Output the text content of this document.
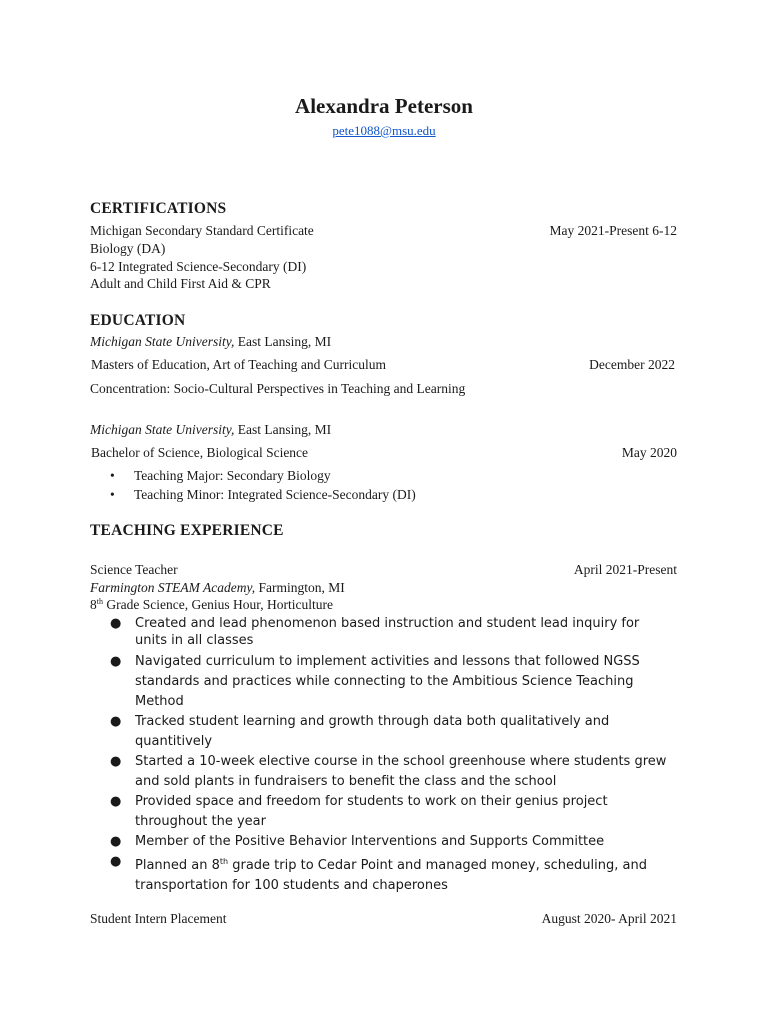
Alexandra Peterson
pete1088@msu.edu
CERTIFICATIONS
Michigan Secondary Standard Certificate	May 2021-Present 6-12
Biology (DA)
6-12 Integrated Science-Secondary (DI)
Adult and Child First Aid & CPR
EDUCATION
Michigan State University, East Lansing, MI
Masters of Education, Art of Teaching and Curriculum	December 2022
Concentration: Socio-Cultural Perspectives in Teaching and Learning
Michigan State University, East Lansing, MI
Bachelor of Science, Biological Science	May 2020
• Teaching Major: Secondary Biology
• Teaching Minor: Integrated Science-Secondary (DI)
TEACHING EXPERIENCE
Science Teacher	April 2021-Present
Farmington STEAM Academy, Farmington, MI
8th Grade Science, Genius Hour, Horticulture
● Created and lead phenomenon based instruction and student lead inquiry for units in all classes
● Navigated curriculum to implement activities and lessons that followed NGSS standards and practices while connecting to the Ambitious Science Teaching Method
● Tracked student learning and growth through data both qualitatively and quantitively
● Started a 10-week elective course in the school greenhouse where students grew and sold plants in fundraisers to benefit the class and the school
● Provided space and freedom for students to work on their genius project throughout the year
● Member of the Positive Behavior Interventions and Supports Committee
● Planned an 8th grade trip to Cedar Point and managed money, scheduling, and transportation for 100 students and chaperones
Student Intern Placement	August 2020- April 2021
